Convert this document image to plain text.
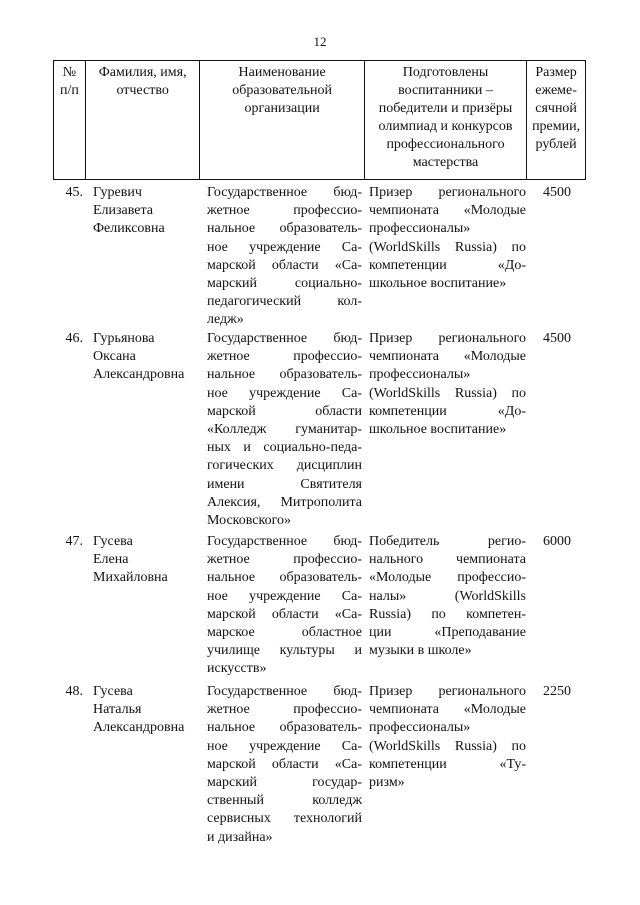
12
№
п/п
Фамилия, имя,
отчество
Наименование
образовательной
организации
Подготовлены
воспитанники –
победители и призёры
олимпиад и конкурсов
профессионального
мастерства
Размер
ежеме-
сячной
премии,
рублей
45. Гуревич
Елизавета
Феликсовна
Государственное бюд-
жетное профессио-
нальное образователь-
ное учреждение Са-
марской области «Са-
марский социально-
педагогический кол-
ледж»
Призер регионального
чемпионата «Молодые
профессионалы»
(WorldSkills Russia) по
компетенции «До-
школьное воспитание»
4500
46. Гурьянова
Оксана
Александровна
Государственное бюд-
жетное профессио-
нальное образователь-
ное учреждение Са-
марской области
«Колледж гуманитар-
ных и социально-педа-
гогических дисциплин
имени Святителя
Алексия, Митрополита
Московского»
Призер регионального
чемпионата «Молодые
профессионалы»
(WorldSkills Russia) по
компетенции «До-
школьное воспитание»
4500
47. Гусева
Елена
Михайловна
Государственное бюд-
жетное профессио-
нальное образователь-
ное учреждение Са-
марской области «Са-
марское областное
училище культуры и
искусств»
Победитель регио-
нального чемпионата
«Молодые профессио-
налы» (WorldSkills
Russia) по компетен-
ции «Преподавание
музыки в школе»
6000
48. Гусева
Наталья
Александровна
Государственное бюд-
жетное профессио-
нальное образователь-
ное учреждение Са-
марской области «Са-
марский государ-
ственный колледж
сервисных технологий
и дизайна»
Призер регионального
чемпионата «Молодые
профессионалы»
(WorldSkills Russia) по
компетенции «Ту-
ризм»
2250
